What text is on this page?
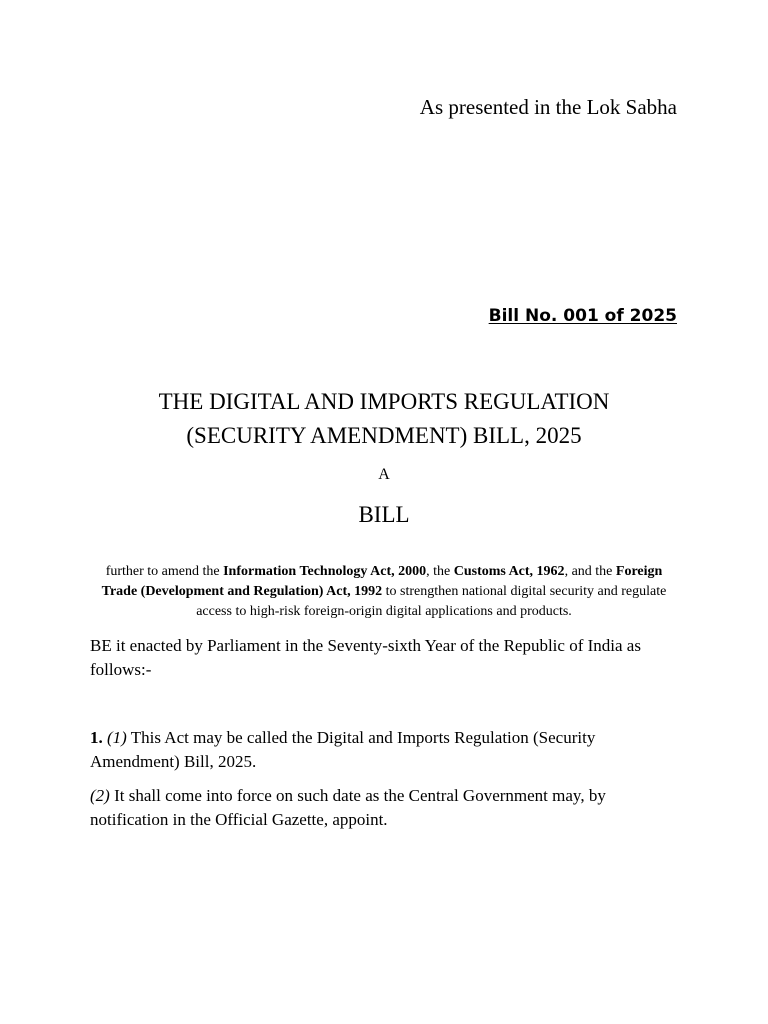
As presented in the Lok Sabha
Bill No. 001 of 2025
THE DIGITAL AND IMPORTS REGULATION
(SECURITY AMENDMENT) BILL, 2025
A
BILL
further to amend the Information Technology Act, 2000, the Customs Act, 1962, and the Foreign Trade (Development and Regulation) Act, 1992 to strengthen national digital security and regulate access to high-risk foreign-origin digital applications and products.
BE it enacted by Parliament in the Seventy-sixth Year of the Republic of India as follows:-
1. (1) This Act may be called the Digital and Imports Regulation (Security Amendment) Bill, 2025.
(2) It shall come into force on such date as the Central Government may, by notification in the Official Gazette, appoint.
